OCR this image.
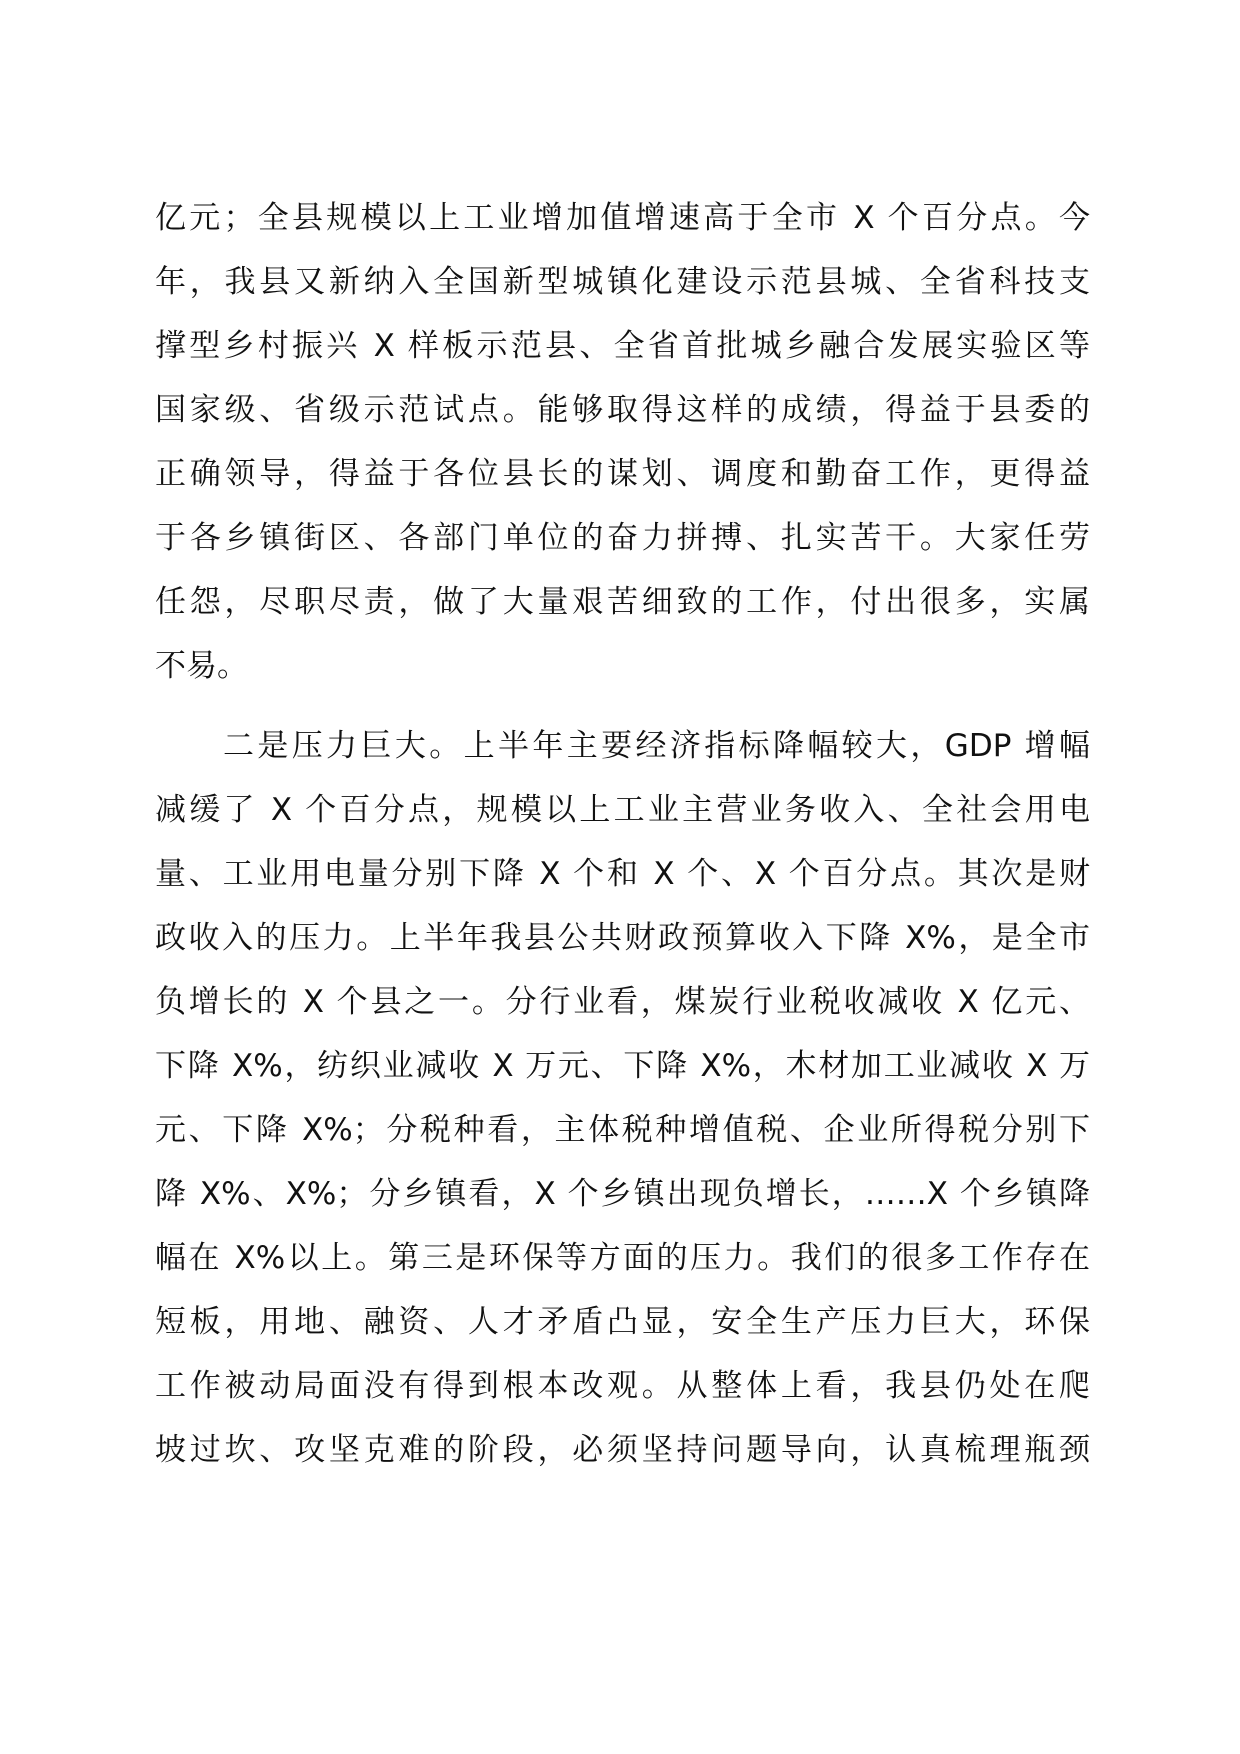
亿元；全县规模以上工业增加值增速高于全市 X 个百分点。今
年，我县又新纳入全国新型城镇化建设示范县城、全省科技支
撑型乡村振兴 X 样板示范县、全省首批城乡融合发展实验区等
国家级、省级示范试点。能够取得这样的成绩，得益于县委的
正确领导，得益于各位县长的谋划、调度和勤奋工作，更得益
于各乡镇街区、各部门单位的奋力拼搏、扎实苦干。大家任劳
任怨，尽职尽责，做了大量艰苦细致的工作，付出很多，实属
不易。
二是压力巨大。上半年主要经济指标降幅较大，GDP 增幅
减缓了 X 个百分点，规模以上工业主营业务收入、全社会用电
量、工业用电量分别下降 X 个和 X 个、X 个百分点。其次是财
政收入的压力。上半年我县公共财政预算收入下降 X%，是全市
负增长的 X 个县之一。分行业看，煤炭行业税收减收 X 亿元、
下降 X%，纺织业减收 X 万元、下降 X%，木材加工业减收 X 万
元、下降 X%；分税种看，主体税种增值税、企业所得税分别下
降 X%、X%；分乡镇看，X 个乡镇出现负增长，……X 个乡镇降
幅在 X%以上。第三是环保等方面的压力。我们的很多工作存在
短板，用地、融资、人才矛盾凸显，安全生产压力巨大，环保
工作被动局面没有得到根本改观。从整体上看，我县仍处在爬
坡过坎、攻坚克难的阶段，必须坚持问题导向，认真梳理瓶颈
